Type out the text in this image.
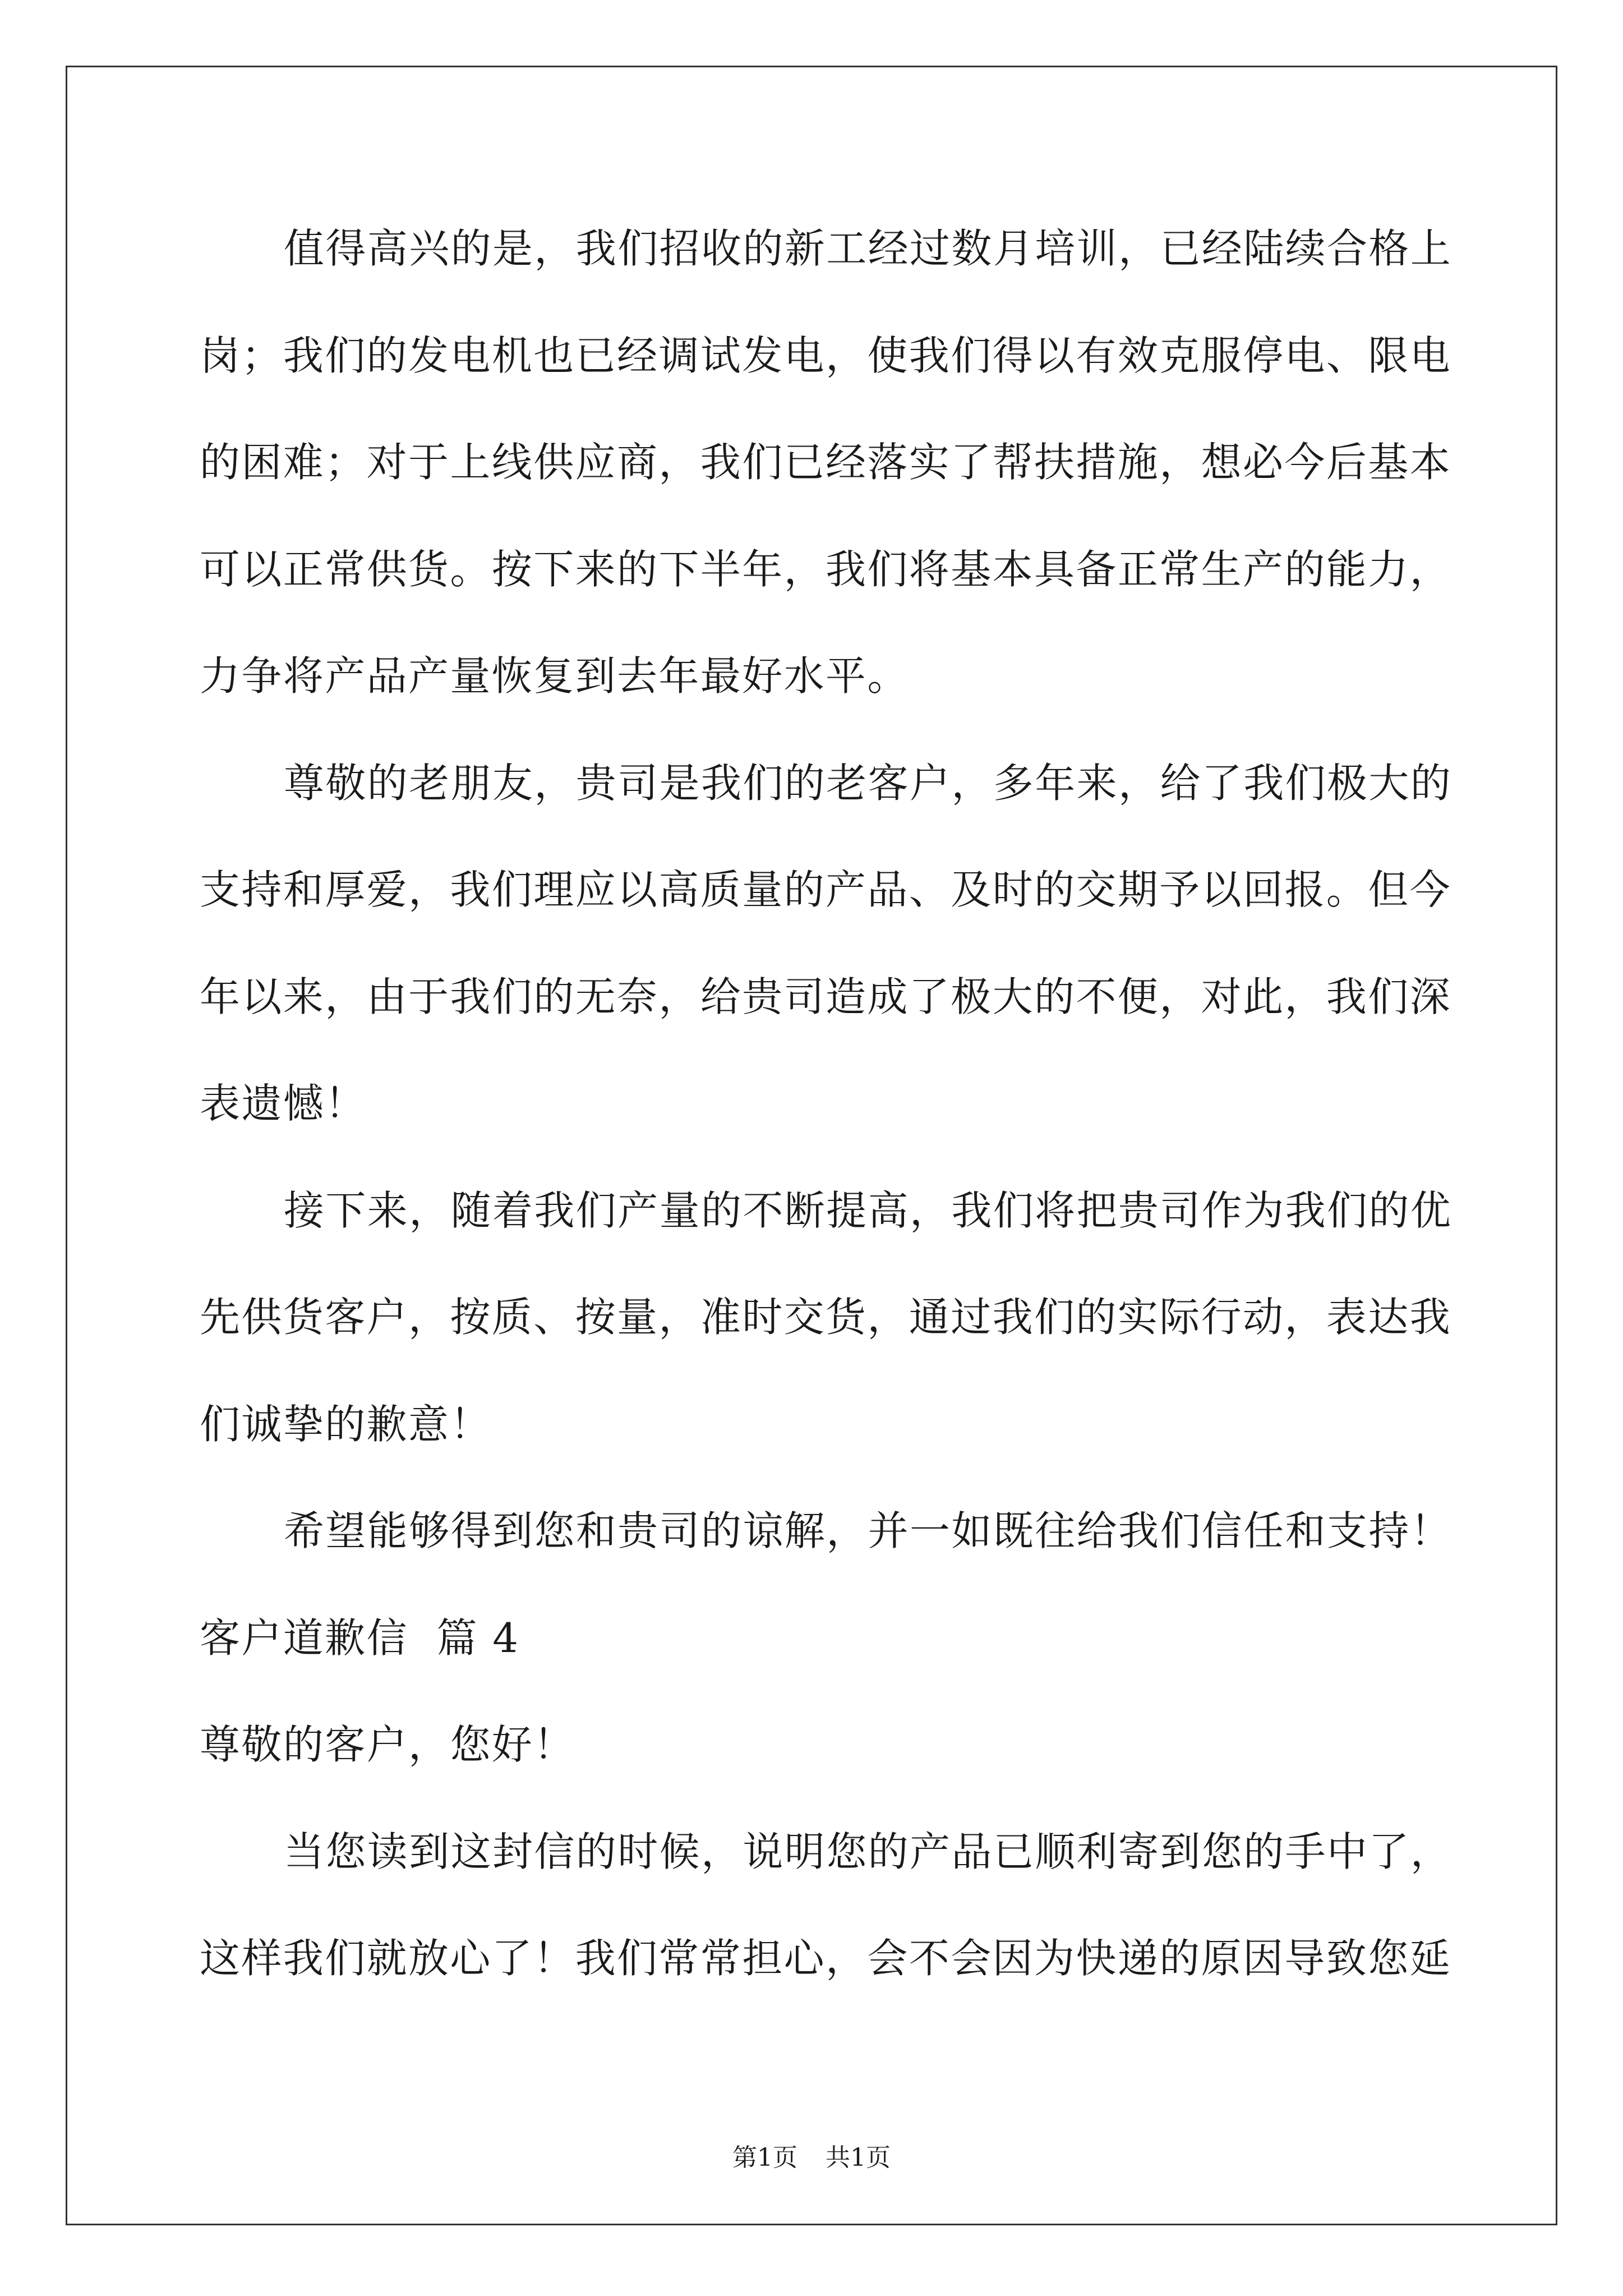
值得高兴的是，我们招收的新工经过数月培训，已经陆续合格上
岗；我们的发电机也已经调试发电，使我们得以有效克服停电、限电
的困难；对于上线供应商，我们已经落实了帮扶措施，想必今后基本
可以正常供货。按下来的下半年，我们将基本具备正常生产的能力，
力争将产品产量恢复到去年最好水平。
尊敬的老朋友，贵司是我们的老客户，多年来，给了我们极大的
支持和厚爱，我们理应以高质量的产品、及时的交期予以回报。但今
年以来，由于我们的无奈，给贵司造成了极大的不便，对此，我们深
表遗憾！
接下来，随着我们产量的不断提高，我们将把贵司作为我们的优
先供货客户，按质、按量，准时交货，通过我们的实际行动，表达我
们诚挚的歉意！
希望能够得到您和贵司的谅解，并一如既往给我们信任和支持！
客户道歉信  篇 4
尊敬的客户，您好！
当您读到这封信的时候，说明您的产品已顺利寄到您的手中了，
这样我们就放心了！我们常常担心，会不会因为快递的原因导致您延
第1页 共1页
